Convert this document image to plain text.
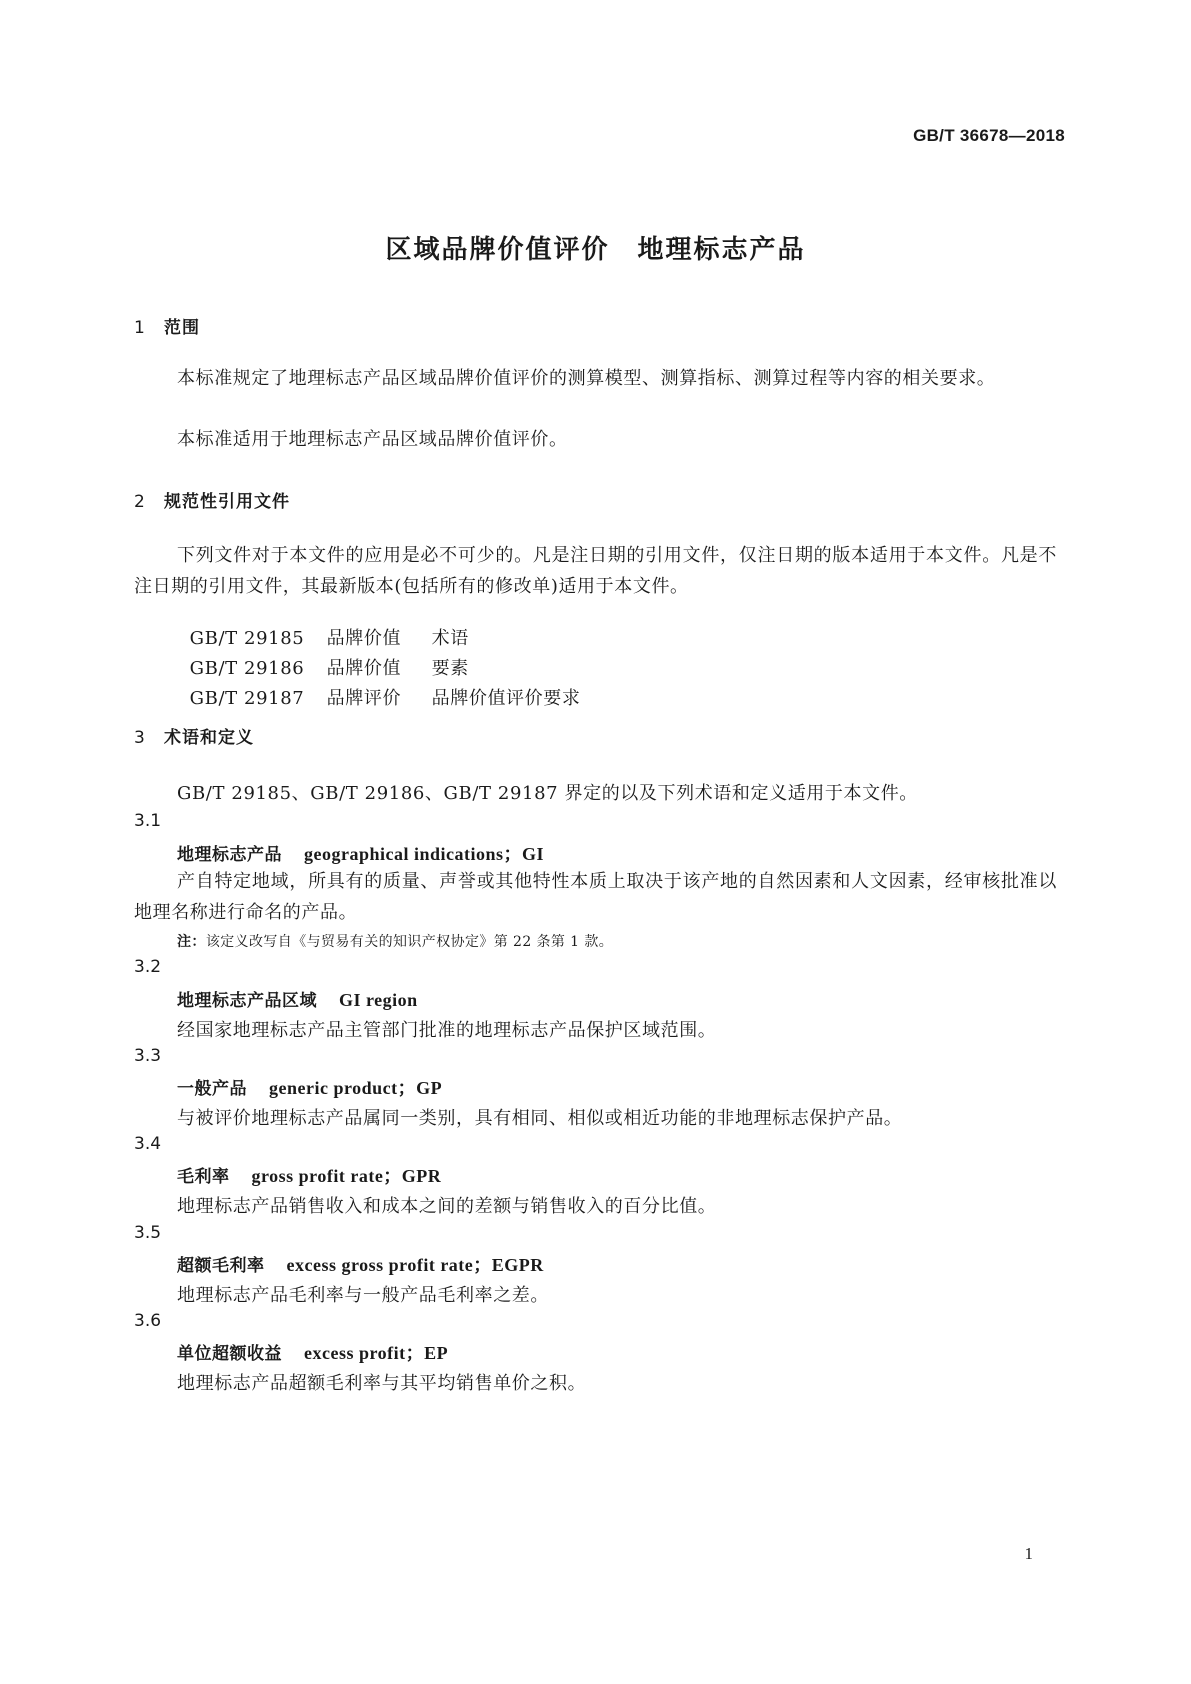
GB/T 36678—2018
区域品牌价值评价　地理标志产品
1 范围
本标准规定了地理标志产品区域品牌价值评价的测算模型、测算指标、测算过程等内容的相关要求。
本标准适用于地理标志产品区域品牌价值评价。
2 规范性引用文件
下列文件对于本文件的应用是必不可少的。凡是注日期的引用文件，仅注日期的版本适用于本文件。凡是不注日期的引用文件，其最新版本(包括所有的修改单)适用于本文件。

GB/T 29185 品牌价值 术语

GB/T 29186 品牌价值 要素

GB/T 29187 品牌评价 品牌价值评价要求

3 术语和定义
GB/T 29185、GB/T 29186、GB/T 29187 界定的以及下列术语和定义适用于本文件。
3.1
地理标志产品 geographical indications；GI
产自特定地域，所具有的质量、声誉或其他特性本质上取决于该产地的自然因素和人文因素，经审核批准以地理名称进行命名的产品。
注：该定义改写自《与贸易有关的知识产权协定》第 22 条第 1 款。
3.2
地理标志产品区域 GI region
经国家地理标志产品主管部门批准的地理标志产品保护区域范围。
3.3
一般产品 generic product；GP
与被评价地理标志产品属同一类别，具有相同、相似或相近功能的非地理标志保护产品。
3.4
毛利率 gross profit rate；GPR
地理标志产品销售收入和成本之间的差额与销售收入的百分比值。
3.5
超额毛利率 excess gross profit rate；EGPR
地理标志产品毛利率与一般产品毛利率之差。
3.6
单位超额收益 excess profit；EP
地理标志产品超额毛利率与其平均销售单价之积。
1
